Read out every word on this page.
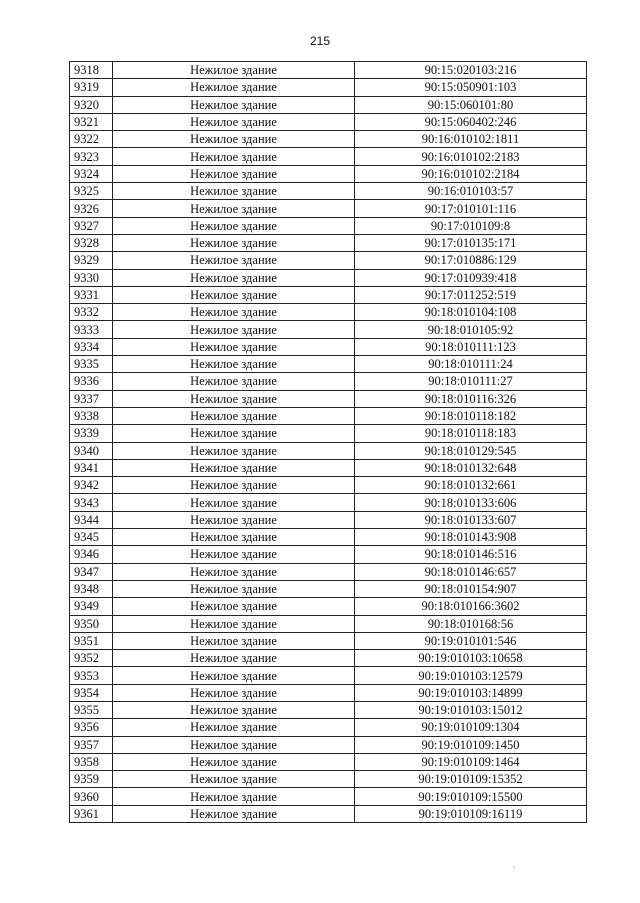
215
9318	Нежилое здание	90:15:020103:216
9319	Нежилое здание	90:15:050901:103
9320	Нежилое здание	90:15:060101:80
9321	Нежилое здание	90:15:060402:246
9322	Нежилое здание	90:16:010102:1811
9323	Нежилое здание	90:16:010102:2183
9324	Нежилое здание	90:16:010102:2184
9325	Нежилое здание	90:16:010103:57
9326	Нежилое здание	90:17:010101:116
9327	Нежилое здание	90:17:010109:8
9328	Нежилое здание	90:17:010135:171
9329	Нежилое здание	90:17:010886:129
9330	Нежилое здание	90:17:010939:418
9331	Нежилое здание	90:17:011252:519
9332	Нежилое здание	90:18:010104:108
9333	Нежилое здание	90:18:010105:92
9334	Нежилое здание	90:18:010111:123
9335	Нежилое здание	90:18:010111:24
9336	Нежилое здание	90:18:010111:27
9337	Нежилое здание	90:18:010116:326
9338	Нежилое здание	90:18:010118:182
9339	Нежилое здание	90:18:010118:183
9340	Нежилое здание	90:18:010129:545
9341	Нежилое здание	90:18:010132:648
9342	Нежилое здание	90:18:010132:661
9343	Нежилое здание	90:18:010133:606
9344	Нежилое здание	90:18:010133:607
9345	Нежилое здание	90:18:010143:908
9346	Нежилое здание	90:18:010146:516
9347	Нежилое здание	90:18:010146:657
9348	Нежилое здание	90:18:010154:907
9349	Нежилое здание	90:18:010166:3602
9350	Нежилое здание	90:18:010168:56
9351	Нежилое здание	90:19:010101:546
9352	Нежилое здание	90:19:010103:10658
9353	Нежилое здание	90:19:010103:12579
9354	Нежилое здание	90:19:010103:14899
9355	Нежилое здание	90:19:010103:15012
9356	Нежилое здание	90:19:010109:1304
9357	Нежилое здание	90:19:010109:1450
9358	Нежилое здание	90:19:010109:1464
9359	Нежилое здание	90:19:010109:15352
9360	Нежилое здание	90:19:010109:15500
9361	Нежилое здание	90:19:010109:16119
٬
